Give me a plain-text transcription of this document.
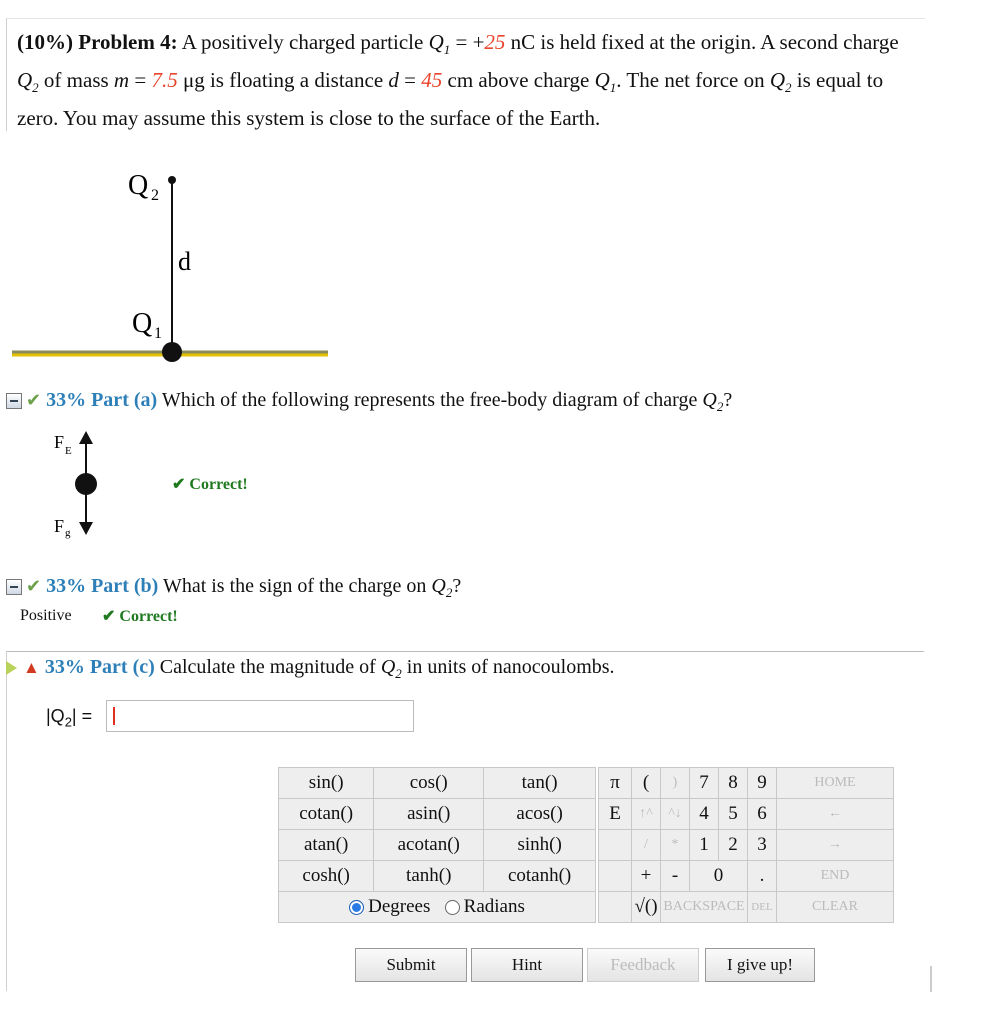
(10%) Problem 4: A positively charged particle $Q_1 = +25$ nC is held fixed at the origin. A second charge $Q_2$ of mass m = 7.5 μg is floating a distance d = 45 cm above charge $Q_1$. The net force on $Q_2$ is equal to zero. You may assume this system is close to the surface of the Earth.
Q 2
d
Q 1
✔ 33% Part (a) Which of the following represents the free-body diagram of charge $Q_2$?
F E
F g
✔ Correct!
✔ 33% Part (b) What is the sign of the charge on $Q_2$?
Positive ✔ Correct!
▲ 33% Part (c) Calculate the magnitude of $Q_2$ in units of nanocoulombs.
$|Q_2|$ =
sin()	cos()	tan()
cotan()	asin()	acos()
atan()	acotan()	sinh()
cosh()	tanh()	cotanh()
Degrees Radians		
π	(	)	7	8	9	HOME
E	↑^	^↓	4	5	6	←
	/	*	1	2	3	→
	+	-	0		.	END
	√()	BACKSPACE			DEL	CLEAR
Submit	Hint	Feedback	I give up!
